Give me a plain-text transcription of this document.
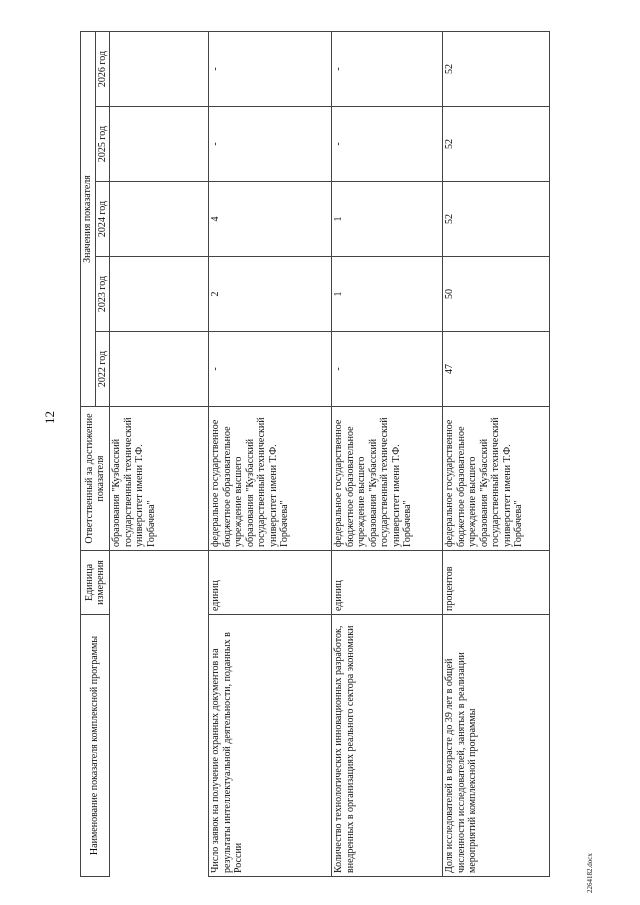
12
Наименование показателя комплексной программы	Единица измерения	Ответственный за достижение показателя	Значения показателя				
			2022 год	2023 год	2024 год	2025 год	2026 год
		образования "Кузбасский государственный технический университет имени Т.Ф. Горбачева"					
Число заявок на получение охранных документов на результаты интеллектуальной деятельности, поданных в России	единиц	федеральное государственное бюджетное образовательное учреждение высшего образования "Кузбасский государственный технический университет имени Т.Ф. Горбачева"	-	2	4	-	-
Количество технологических инновационных разработок, внедренных в организациях реального сектора экономики	единиц	федеральное государственное бюджетное образовательное учреждение высшего образования "Кузбасский государственный технический университет имени Т.Ф. Горбачева"	-	1	1	-	-
Доля исследователей в возрасте до 39 лет в общей численности исследователей, занятых в реализации мероприятий комплексной программы	процентов	федеральное государственное бюджетное образовательное учреждение высшего образования "Кузбасский государственный технический университет имени Т.Ф. Горбачева"	47	50	52	52	52
2264182.docx
